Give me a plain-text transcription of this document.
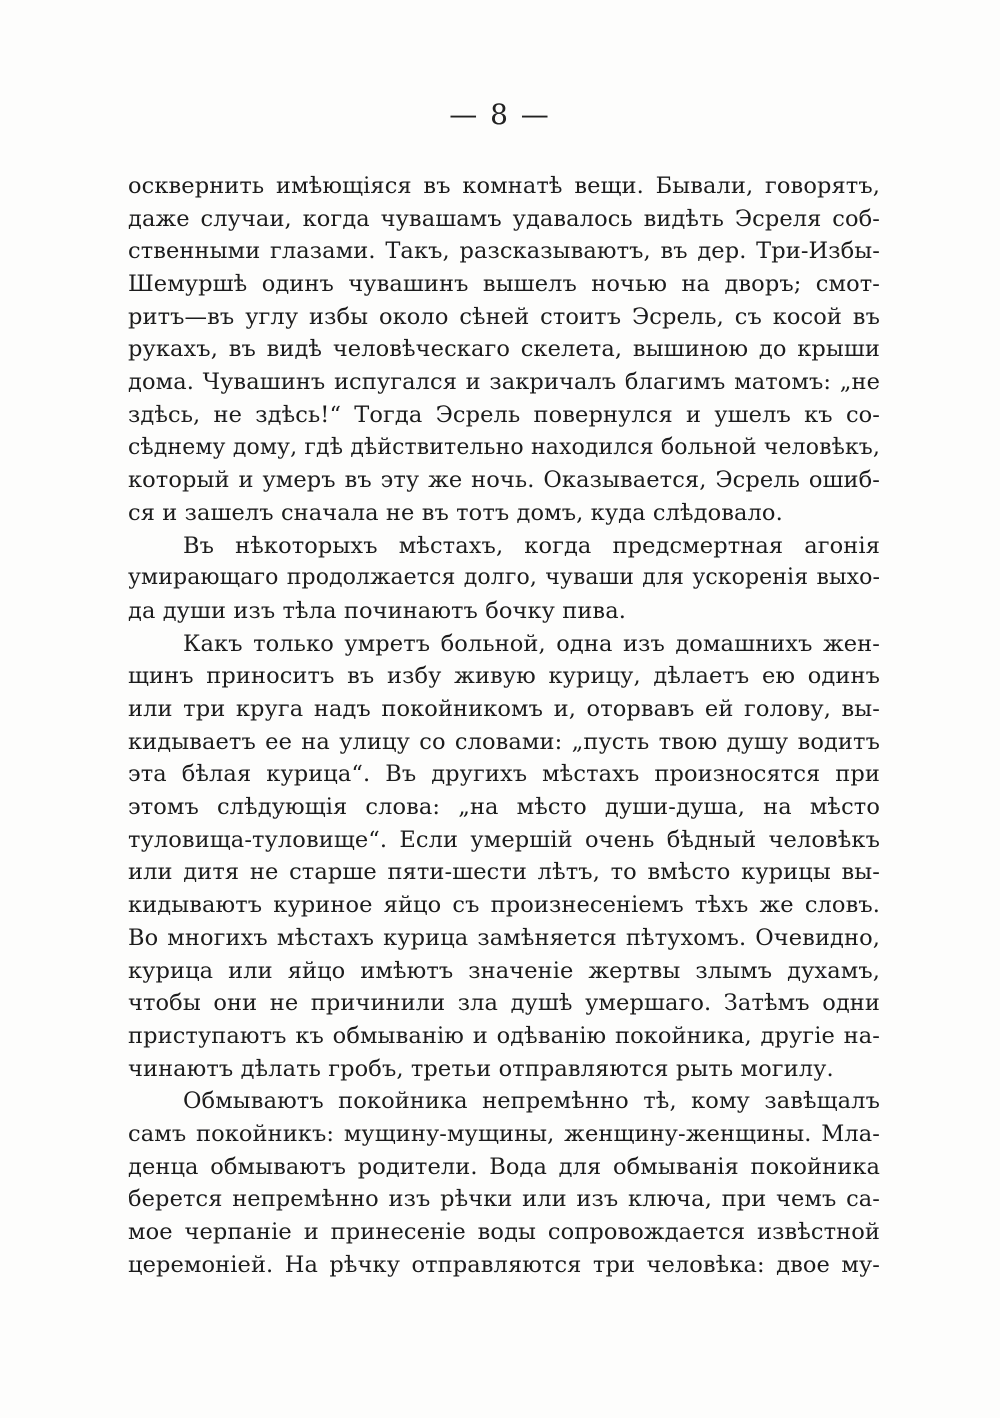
— 8 —
осквернить имѣющіяся въ комнатѣ вещи. Бывали, говорятъ,
даже случаи, когда чувашамъ удавалось видѣть Эсреля соб-
ственными глазами. Такъ, разсказываютъ, въ дер. Три-Избы-
Шемуршѣ одинъ чувашинъ вышелъ ночью на дворъ; смот-
ритъ—въ углу избы около сѣней стоитъ Эсрель, съ косой въ
рукахъ, въ видѣ человѣческаго скелета, вышиною до крыши
дома. Чувашинъ испугался и закричалъ благимъ матомъ: „не
здѣсь, не здѣсь!“ Тогда Эсрель повернулся и ушелъ къ со-
сѣднему дому, гдѣ дѣйствительно находился больной человѣкъ,
который и умеръ въ эту же ночь. Оказывается, Эсрель ошиб-
ся и зашелъ сначала не въ тотъ домъ, куда слѣдовало.
Въ нѣкоторыхъ мѣстахъ, когда предсмертная агонія
умирающаго продолжается долго, чуваши для ускоренія выхо-
да души изъ тѣла починаютъ бочку пива.
Какъ только умретъ больной, одна изъ домашнихъ жен-
щинъ приноситъ въ избу живую курицу, дѣлаетъ ею одинъ
или три круга надъ покойникомъ и, оторвавъ ей голову, вы-
кидываетъ ее на улицу со словами: „пусть твою душу водитъ
эта бѣлая курица“. Въ другихъ мѣстахъ произносятся при
этомъ слѣдующія слова: „на мѣсто души-душа, на мѣсто
туловища-туловище“. Если умершій очень бѣдный человѣкъ
или дитя не старше пяти-шести лѣтъ, то вмѣсто курицы вы-
кидываютъ куриное яйцо съ произнесеніемъ тѣхъ же словъ.
Во многихъ мѣстахъ курица замѣняется пѣтухомъ. Очевидно,
курица или яйцо имѣютъ значеніе жертвы злымъ духамъ,
чтобы они не причинили зла душѣ умершаго. Затѣмъ одни
приступаютъ къ обмыванію и одѣванію покойника, другіе на-
чинаютъ дѣлать гробъ, третьи отправляются рыть могилу.
Обмываютъ покойника непремѣнно тѣ, кому завѣщалъ
самъ покойникъ: мущину-мущины, женщину-женщины. Мла-
денца обмываютъ родители. Вода для обмыванія покойника
берется непремѣнно изъ рѣчки или изъ ключа, при чемъ са-
мое черпаніе и принесеніе воды сопровождается извѣстной
церемоніей. На рѣчку отправляются три человѣка: двое му-
